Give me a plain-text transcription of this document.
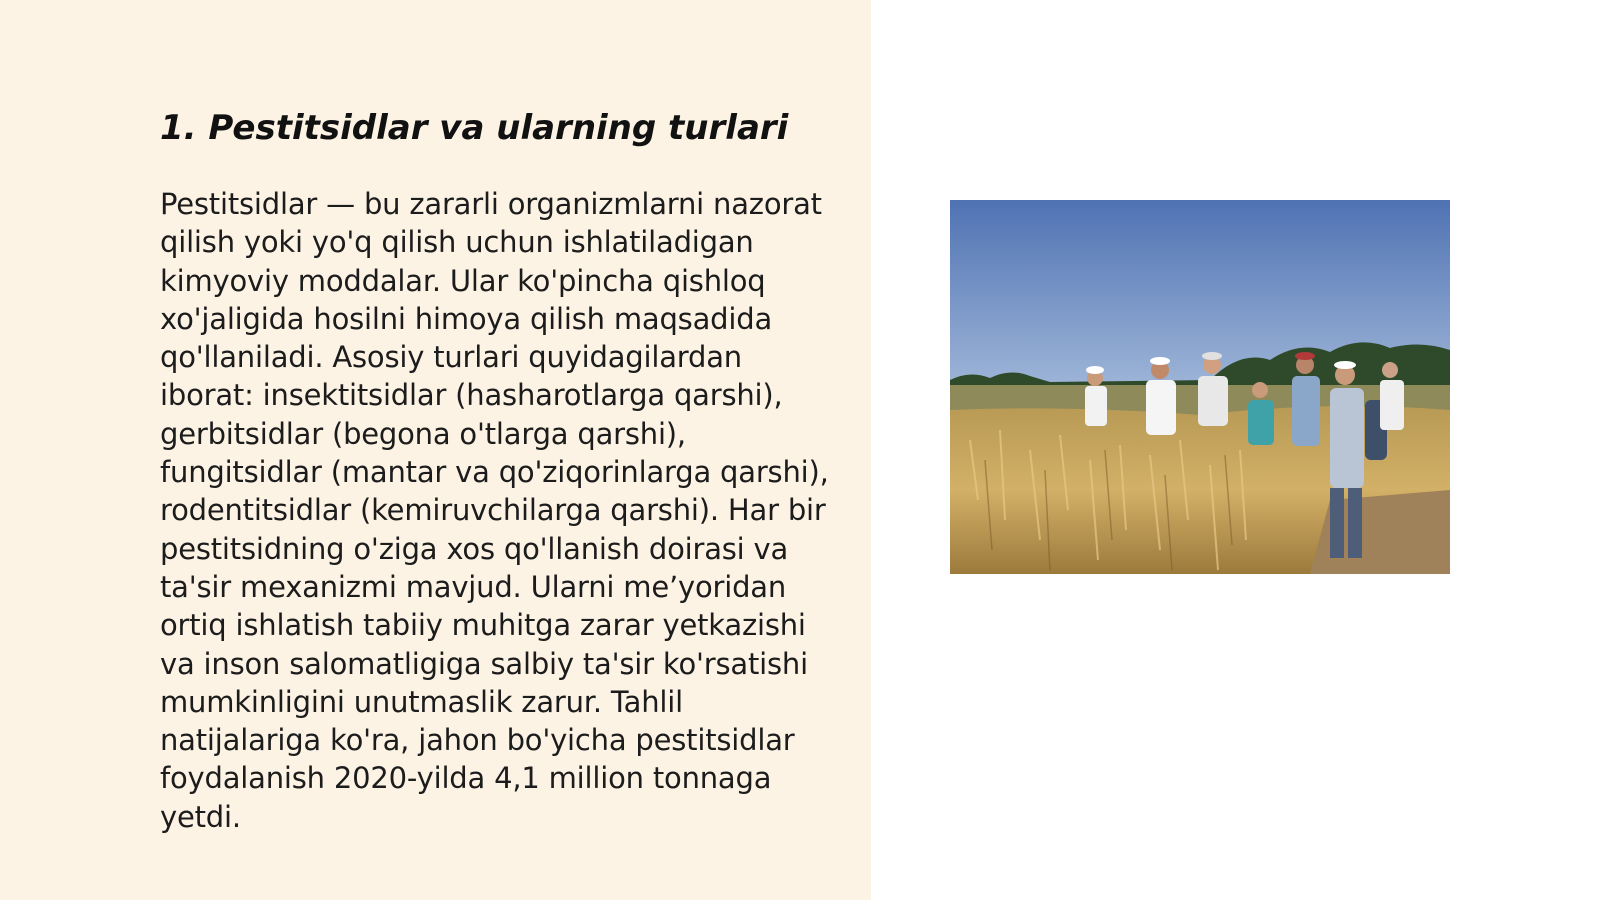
1. Pestitsidlar va ularning turlari

Pestitsidlar — bu zararli organizmlarni nazorat qilish yoki yo'q qilish uchun ishlatiladigan kimyoviy moddalar. Ular ko'pincha qishloq xo'jaligida hosilni himoya qilish maqsadida qo'llaniladi. Asosiy turlari quyidagilardan iborat: insektitsidlar (hasharotlarga qarshi), gerbitsidlar (begona o'tlarga qarshi), fungitsidlar (mantar va qo'ziqorinlarga qarshi), rodentitsidlar (kemiruvchilarga qarshi). Har bir pestitsidning o'ziga xos qo'llanish doirasi va ta'sir mexanizmi mavjud. Ularni me’yoridan ortiq ishlatish tabiiy muhitga zarar yetkazishi va inson salomatligiga salbiy ta'sir ko'rsatishi mumkinligini unutmaslik zarur. Tahlil natijalariga ko'ra, jahon bo'yicha pestitsidlar foydalanish 2020-yilda 4,1 million tonnaga yetdi.
